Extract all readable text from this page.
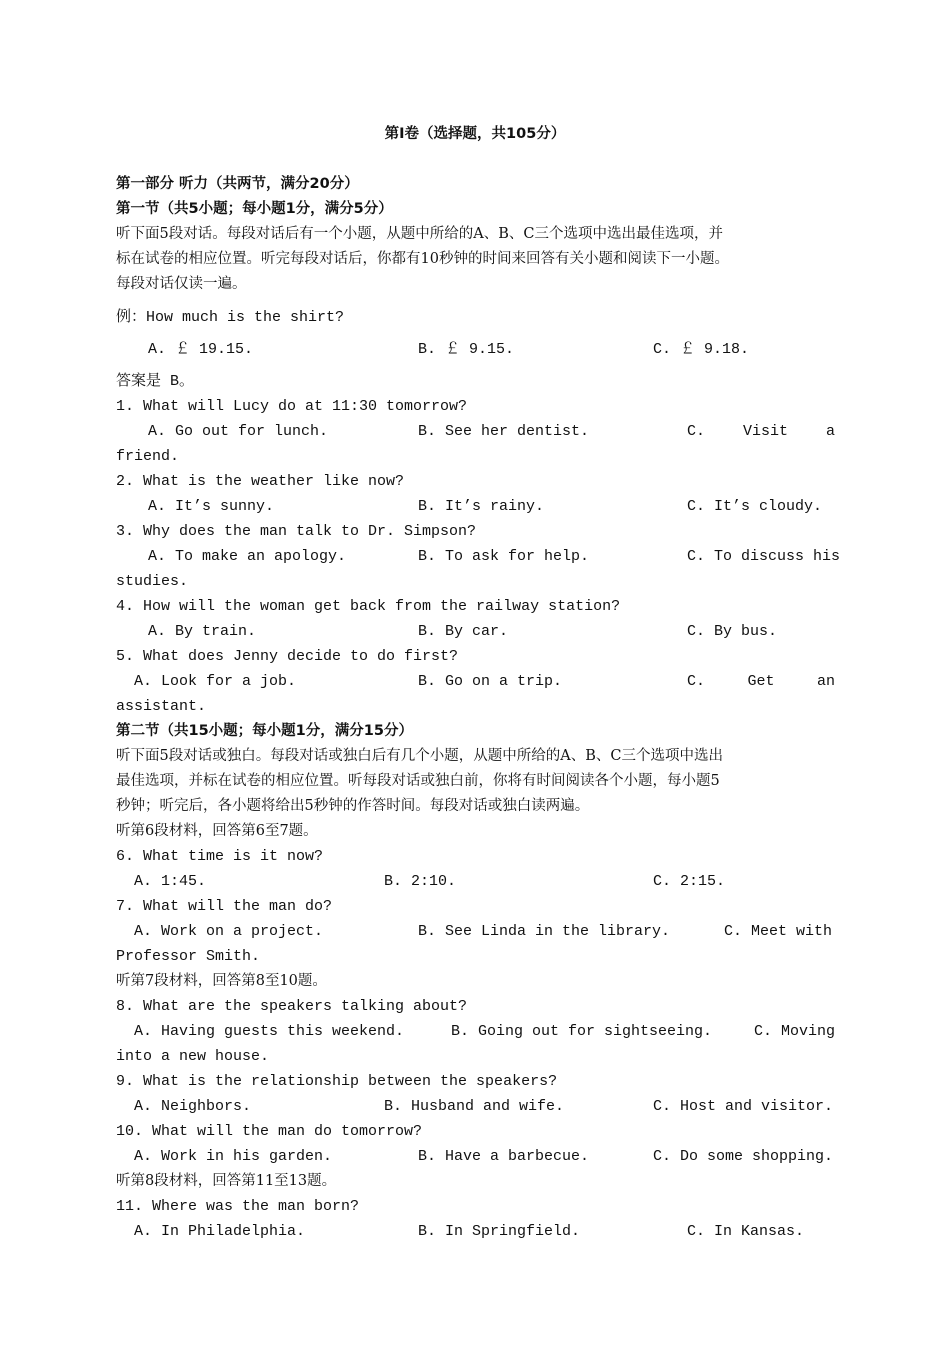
第Ⅰ卷（选择题，共105分）
第一部分 听力（共两节，满分20分）
第一节（共5小题；每小题1分，满分5分）
听下面5段对话。每段对话后有一个小题，从题中所给的A、B、C三个选项中选出最佳选项，并
标在试卷的相应位置。听完每段对话后，你都有10秒钟的时间来回答有关小题和阅读下一小题。
每段对话仅读一遍。
例：How much is the shirt?
A. ￡ 19.15.	B. ￡ 9.15.	C. ￡ 9.18.
答案是 B。
1. What will Lucy do at 11:30 tomorrow?
A. Go out for lunch.	B. See her dentist.	C.	Visit	a
friend.
2. What is the weather like now?
A. It’s sunny.	B. It’s rainy.	C. It’s cloudy.
3. Why does the man talk to Dr. Simpson?
A. To make an apology.	B. To ask for help.	C. To discuss his
studies.
4. How will the woman get back from the railway station?
A. By train.	B. By car.	C. By bus.
5. What does Jenny decide to do first?
A. Look for a job.	B. Go on a trip.	C.	Get	an
assistant.
第二节（共15小题；每小题1分，满分15分）
听下面5段对话或独白。每段对话或独白后有几个小题，从题中所给的A、B、C三个选项中选出
最佳选项，并标在试卷的相应位置。听每段对话或独白前，你将有时间阅读各个小题，每小题5
秒钟；听完后，各小题将给出5秒钟的作答时间。每段对话或独白读两遍。
听第6段材料，回答第6至7题。
6. What time is it now?
A. 1:45.	B. 2:10.	C. 2:15.
7. What will the man do?
A. Work on a project.	B. See Linda in the library.	C. Meet with
Professor Smith.
听第7段材料，回答第8至10题。
8. What are the speakers talking about?
A. Having guests this weekend.	B. Going out for sightseeing.	C. Moving
into a new house.
9. What is the relationship between the speakers?
A. Neighbors.	B. Husband and wife.	C. Host and visitor.
10. What will the man do tomorrow?
A. Work in his garden.	B. Have a barbecue.	C. Do some shopping.
听第8段材料，回答第11至13题。
11. Where was the man born?
A. In Philadelphia.	B. In Springfield.	C. In Kansas.
